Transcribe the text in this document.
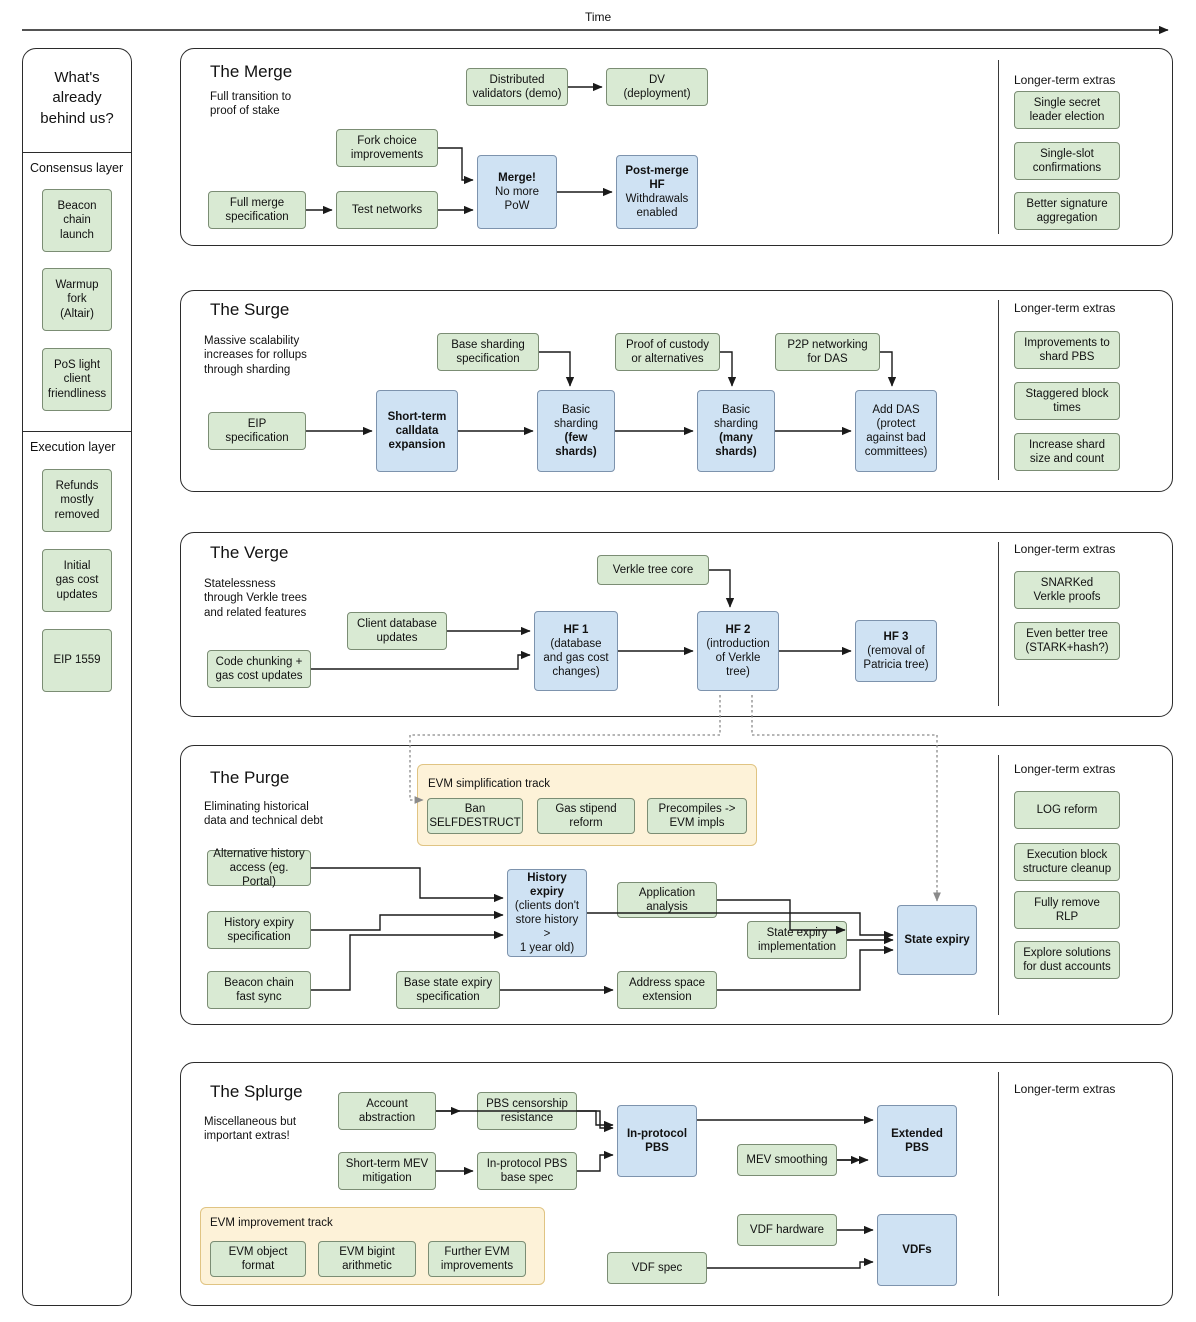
Time
What's
already
behind us?
Consensus layer
Beacon
chain
launch
Warmup fork
(Altair)
PoS light
client
friendliness
Execution layer
Refunds
mostly
removed
Initial
gas cost
updates
EIP 1559
The Merge
Full transition to
proof of stake
Longer-term extras
Distributed
validators (demo)
DV
(deployment)
Fork choice
improvements
Full merge
specification
Test networks
Merge!
No more
PoW
Post-merge
HF
Withdrawals
enabled
Single secret
leader election
Single-slot
confirmations
Better signature
aggregation
The Surge
Massive scalability
increases for rollups
through sharding
Longer-term extras
Base sharding
specification
Proof of custody
or alternatives
P2P networking
for DAS
EIP
specification
Short-term
calldata
expansion
Basic
sharding
(few shards)
Basic
sharding
(many
shards)
Add DAS
(protect
against bad
committees)
Improvements to
shard PBS
Staggered block
times
Increase shard
size and count
The Verge
Statelessness
through Verkle trees
and related features
Longer-term extras
Verkle tree core
Client database
updates
Code chunking +
gas cost updates
HF 1
(database
and gas cost
changes)
HF 2
(introduction
of Verkle
tree)
HF 3
(removal of
Patricia tree)
SNARKed
Verkle proofs
Even better tree
(STARK+hash?)
The Purge
Eliminating historical
data and technical debt
Longer-term extras
EVM simplification track
Ban
SELFDESTRUCT
Gas stipend
reform
Precompiles ->
EVM impls
Alternative history
access (eg. Portal)
History expiry
specification
Beacon chain
fast sync
History
expiry
(clients don't
store history >
1 year old)
Application
analysis
State expiry
implementation
Base state expiry
specification
Address space
extension
State expiry
LOG reform
Execution block
structure cleanup
Fully remove
RLP
Explore solutions
for dust accounts
The Splurge
Miscellaneous but
important extras!
Longer-term extras
Account
abstraction
PBS censorship
resistance
Short-term MEV
mitigation
In-protocol PBS
base spec
In-protocol
PBS
MEV smoothing
Extended
PBS
EVM improvement track
EVM object
format
EVM bigint
arithmetic
Further EVM
improvements
VDF hardware
VDF spec
VDFs
